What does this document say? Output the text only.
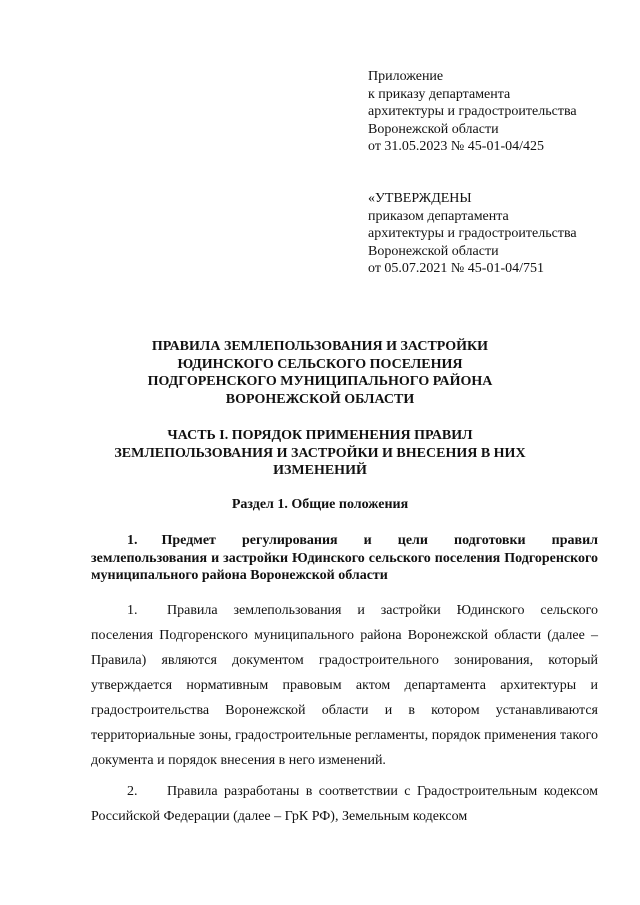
Приложение
к приказу департамента
архитектуры и градостроительства
Воронежской области
от 31.05.2023 № 45-01-04/425
«УТВЕРЖДЕНЫ
приказом департамента
архитектуры и градостроительства
Воронежской области
от 05.07.2021 № 45-01-04/751
ПРАВИЛА ЗЕМЛЕПОЛЬЗОВАНИЯ И ЗАСТРОЙКИ
ЮДИНСКОГО СЕЛЬСКОГО ПОСЕЛЕНИЯ
ПОДГОРЕНСКОГО МУНИЦИПАЛЬНОГО РАЙОНА
ВОРОНЕЖСКОЙ ОБЛАСТИ
ЧАСТЬ I. ПОРЯДОК ПРИМЕНЕНИЯ ПРАВИЛ
ЗЕМЛЕПОЛЬЗОВАНИЯ И ЗАСТРОЙКИ И ВНЕСЕНИЯ В НИХ
ИЗМЕНЕНИЙ
Раздел 1. Общие положения
1. Предмет регулирования и цели подготовки правил землепользования и застройки Юдинского сельского поселения Подгоренского муниципального района Воронежской области
1. Правила землепользования и застройки Юдинского сельского поселения Подгоренского муниципального района Воронежской области (далее – Правила) являются документом градостроительного зонирования, который утверждается нормативным правовым актом департамента архитектуры и градостроительства Воронежской области и в котором устанавливаются территориальные зоны, градостроительные регламенты, порядок применения такого документа и порядок внесения в него изменений.
2. Правила разработаны в соответствии с Градостроительным кодексом Российской Федерации (далее – ГрК РФ), Земельным кодексом
